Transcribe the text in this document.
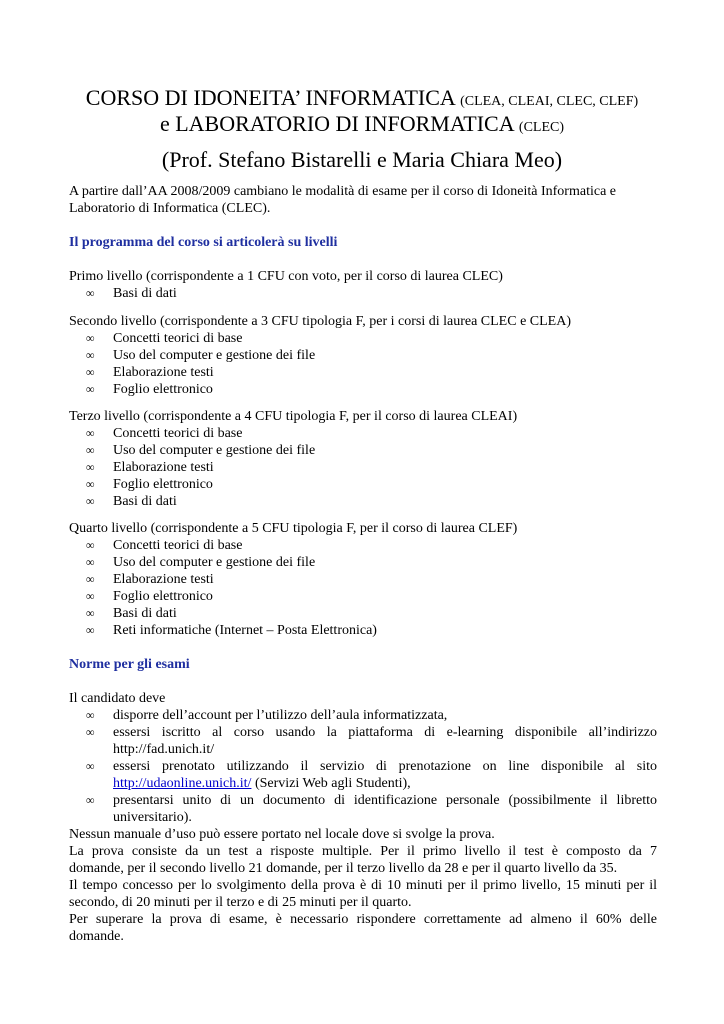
CORSO DI IDONEITA’ INFORMATICA (CLEA, CLEAI, CLEC, CLEF)
e LABORATORIO DI INFORMATICA (CLEC)
(Prof. Stefano Bistarelli e Maria Chiara Meo)
A partire dall’AA 2008/2009 cambiano le modalità di esame per il corso di Idoneità Informatica e
Laboratorio di Informatica (CLEC).
Il programma del corso si articolerà su livelli
Primo livello (corrispondente a 1 CFU con voto, per il corso di laurea CLEC)
∞ Basi di dati
Secondo livello (corrispondente a 3 CFU tipologia F, per i corsi di laurea CLEC e CLEA)
∞ Concetti teorici di base
∞ Uso del computer e gestione dei file
∞ Elaborazione testi
∞ Foglio elettronico
Terzo livello (corrispondente a 4 CFU tipologia F, per il corso di laurea CLEAI)
∞ Concetti teorici di base
∞ Uso del computer e gestione dei file
∞ Elaborazione testi
∞ Foglio elettronico
∞ Basi di dati
Quarto livello (corrispondente a 5 CFU tipologia F, per il corso di laurea CLEF)
∞ Concetti teorici di base
∞ Uso del computer e gestione dei file
∞ Elaborazione testi
∞ Foglio elettronico
∞ Basi di dati
∞ Reti informatiche (Internet – Posta Elettronica)
Norme per gli esami
Il candidato deve
∞ disporre dell’account per l’utilizzo dell’aula informatizzata,
∞ essersi iscritto al corso usando la piattaforma di e-learning disponibile all’indirizzo
http://fad.unich.it/
∞ essersi prenotato utilizzando il servizio di prenotazione on line disponibile al sito
http://udaonline.unich.it/ (Servizi Web agli Studenti),
∞ presentarsi unito di un documento di identificazione personale (possibilmente il libretto
universitario).
Nessun manuale d’uso può essere portato nel locale dove si svolge la prova.
La prova consiste da un test a risposte multiple. Per il primo livello il test è composto da 7
domande, per il secondo livello 21 domande, per il terzo livello da 28 e per il quarto livello da 35.
Il tempo concesso per lo svolgimento della prova è di 10 minuti per il primo livello, 15 minuti per il
secondo, di 20 minuti per il terzo e di 25 minuti per il quarto.
Per superare la prova di esame, è necessario rispondere correttamente ad almeno il 60% delle
domande.
